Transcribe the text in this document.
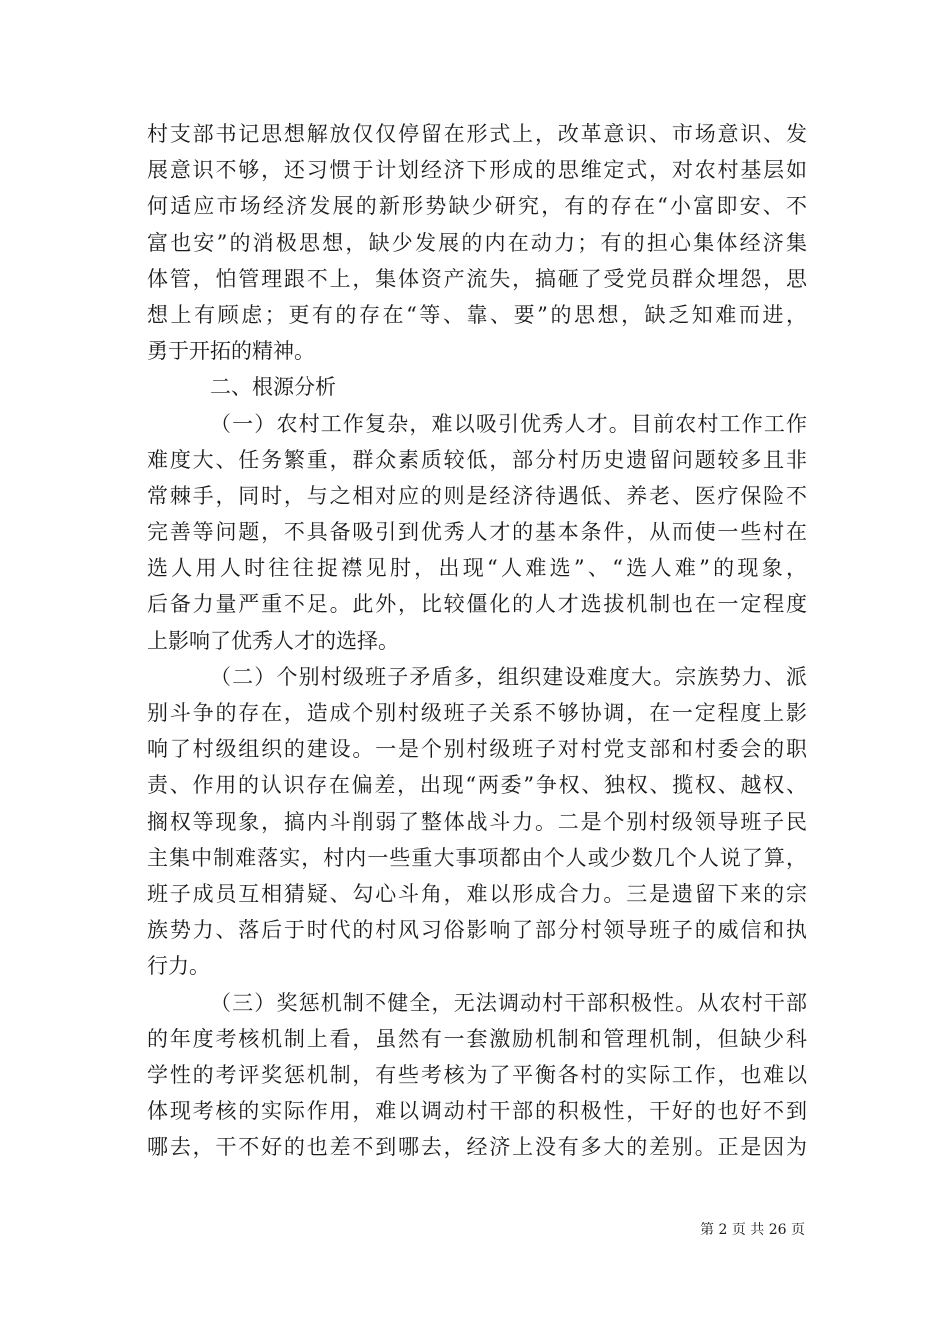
村支部书记思想解放仅仅停留在形式上，改革意识、市场意识、发
展意识不够，还习惯于计划经济下形成的思维定式，对农村基层如
何适应市场经济发展的新形势缺少研究，有的存在“小富即安、不
富也安”的消极思想，缺少发展的内在动力；有的担心集体经济集
体管，怕管理跟不上，集体资产流失，搞砸了受党员群众埋怨，思
想上有顾虑；更有的存在“等、靠、要”的思想，缺乏知难而进，
勇于开拓的精神。
二、根源分析
（一）农村工作复杂，难以吸引优秀人才。目前农村工作工作
难度大、任务繁重，群众素质较低，部分村历史遗留问题较多且非
常棘手，同时，与之相对应的则是经济待遇低、养老、医疗保险不
完善等问题，不具备吸引到优秀人才的基本条件，从而使一些村在
选人用人时往往捉襟见肘，出现“人难选”、“选人难”的现象，
后备力量严重不足。此外，比较僵化的人才选拔机制也在一定程度
上影响了优秀人才的选择。
（二）个别村级班子矛盾多，组织建设难度大。宗族势力、派
别斗争的存在，造成个别村级班子关系不够协调，在一定程度上影
响了村级组织的建设。一是个别村级班子对村党支部和村委会的职
责、作用的认识存在偏差，出现“两委”争权、独权、揽权、越权、
搁权等现象，搞内斗削弱了整体战斗力。二是个别村级领导班子民
主集中制难落实，村内一些重大事项都由个人或少数几个人说了算，
班子成员互相猜疑、勾心斗角，难以形成合力。三是遗留下来的宗
族势力、落后于时代的村风习俗影响了部分村领导班子的威信和执
行力。
（三）奖惩机制不健全，无法调动村干部积极性。从农村干部
的年度考核机制上看，虽然有一套激励机制和管理机制，但缺少科
学性的考评奖惩机制，有些考核为了平衡各村的实际工作，也难以
体现考核的实际作用，难以调动村干部的积极性，干好的也好不到
哪去，干不好的也差不到哪去，经济上没有多大的差别。正是因为
第 2 页 共 26 页
